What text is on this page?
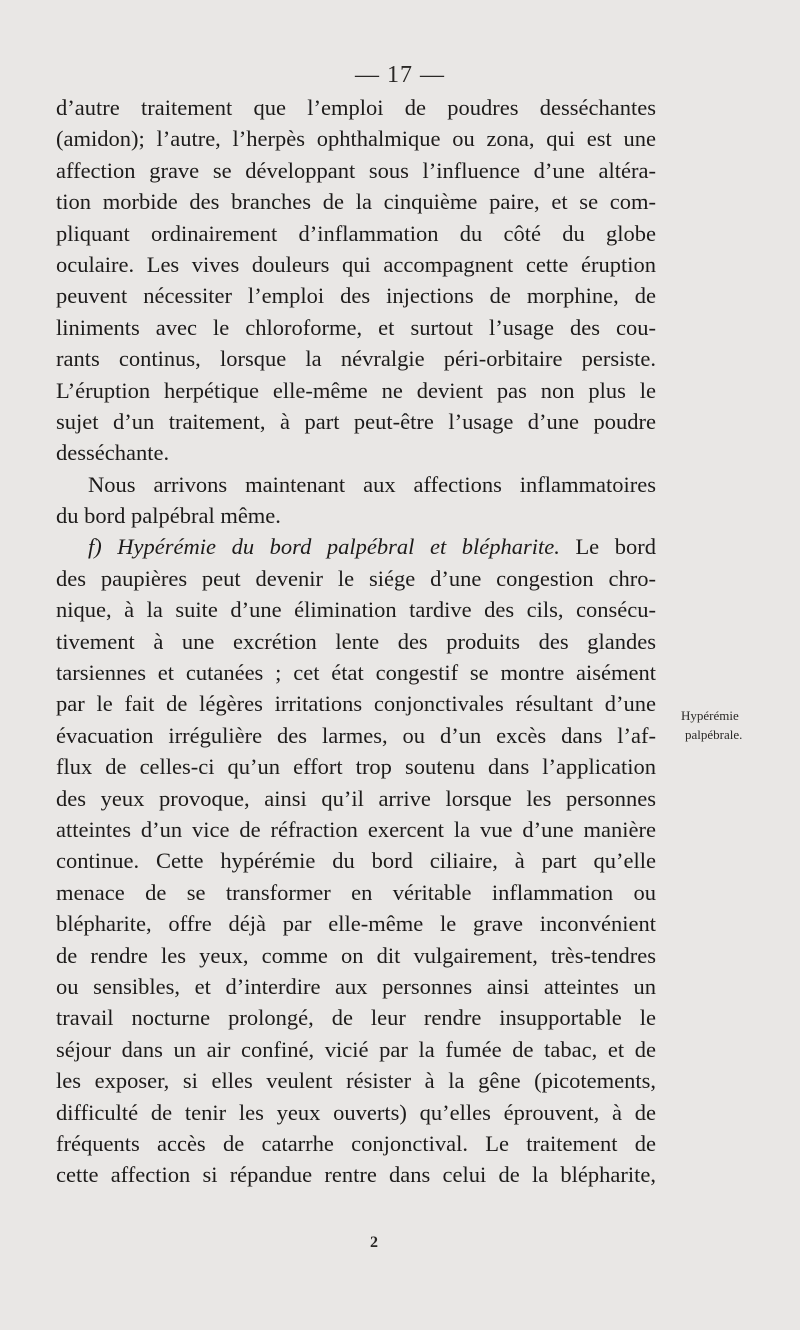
— 17 —
d’autre traitement que l’emploi de poudres desséchantes
(amidon); l’autre, l’herpès ophthalmique ou zona, qui est une
affection grave se développant sous l’influence d’une altéra-
tion morbide des branches de la cinquième paire, et se com-
pliquant ordinairement d’inflammation du côté du globe
oculaire. Les vives douleurs qui accompagnent cette éruption
peuvent nécessiter l’emploi des injections de morphine, de
liniments avec le chloroforme, et surtout l’usage des cou-
rants continus, lorsque la névralgie péri-orbitaire persiste.
L’éruption herpétique elle-même ne devient pas non plus le
sujet d’un traitement, à part peut-être l’usage d’une poudre
desséchante.
Nous arrivons maintenant aux affections inflammatoires
du bord palpébral même.
f) Hypérémie du bord palpébral et blépharite. Le bord
des paupières peut devenir le siége d’une congestion chro-
nique, à la suite d’une élimination tardive des cils, consécu-
tivement à une excrétion lente des produits des glandes
tarsiennes et cutanées ; cet état congestif se montre aisément
par le fait de légères irritations conjonctivales résultant d’une
évacuation irrégulière des larmes, ou d’un excès dans l’af-
flux de celles-ci qu’un effort trop soutenu dans l’application
des yeux provoque, ainsi qu’il arrive lorsque les personnes
atteintes d’un vice de réfraction exercent la vue d’une manière
continue. Cette hypérémie du bord ciliaire, à part qu’elle
menace de se transformer en véritable inflammation ou
blépharite, offre déjà par elle-même le grave inconvénient
de rendre les yeux, comme on dit vulgairement, très-tendres
ou sensibles, et d’interdire aux personnes ainsi atteintes un
travail nocturne prolongé, de leur rendre insupportable le
séjour dans un air confiné, vicié par la fumée de tabac, et de
les exposer, si elles veulent résister à la gêne (picotements,
difficulté de tenir les yeux ouverts) qu’elles éprouvent, à de
fréquents accès de catarrhe conjonctival. Le traitement de
cette affection si répandue rentre dans celui de la blépharite,
Hypérémie
palpébrale.
2
